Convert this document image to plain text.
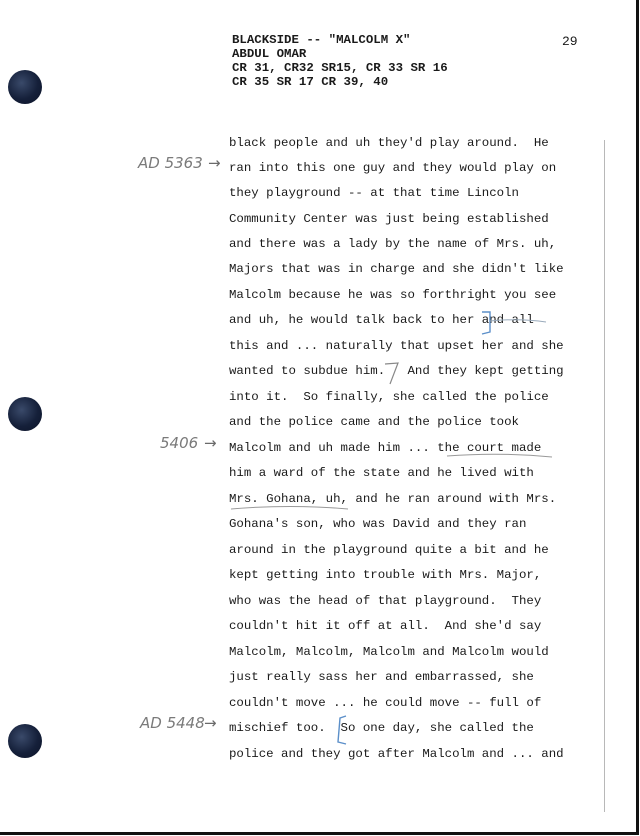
BLACKSIDE -- "MALCOLM X"
ABDUL OMAR
CR 31, CR32 SR15, CR 33 SR 16
CR 35 SR 17 CR 39, 40
29
black people and uh they'd play around.  He
ran into this one guy and they would play on
they playground -- at that time Lincoln
Community Center was just being established
and there was a lady by the name of Mrs. uh,
Majors that was in charge and she didn't like
Malcolm because he was so forthright you see
and uh, he would talk back to her and all
this and ... naturally that upset her and she
wanted to subdue him.   And they kept getting
into it.  So finally, she called the police
and the police came and the police took
Malcolm and uh made him ... the court made
him a ward of the state and he lived with
Mrs. Gohana, uh, and he ran around with Mrs.
Gohana's son, who was David and they ran
around in the playground quite a bit and he
kept getting into trouble with Mrs. Major,
who was the head of that playground.  They
couldn't hit it off at all.  And she'd say
Malcolm, Malcolm, Malcolm and Malcolm would
just really sass her and embarrassed, she
couldn't move ... he could move -- full of
mischief too.  So one day, she called the
police and they got after Malcolm and ... and
AD 5363 →
5406 →
AD 5448 →
